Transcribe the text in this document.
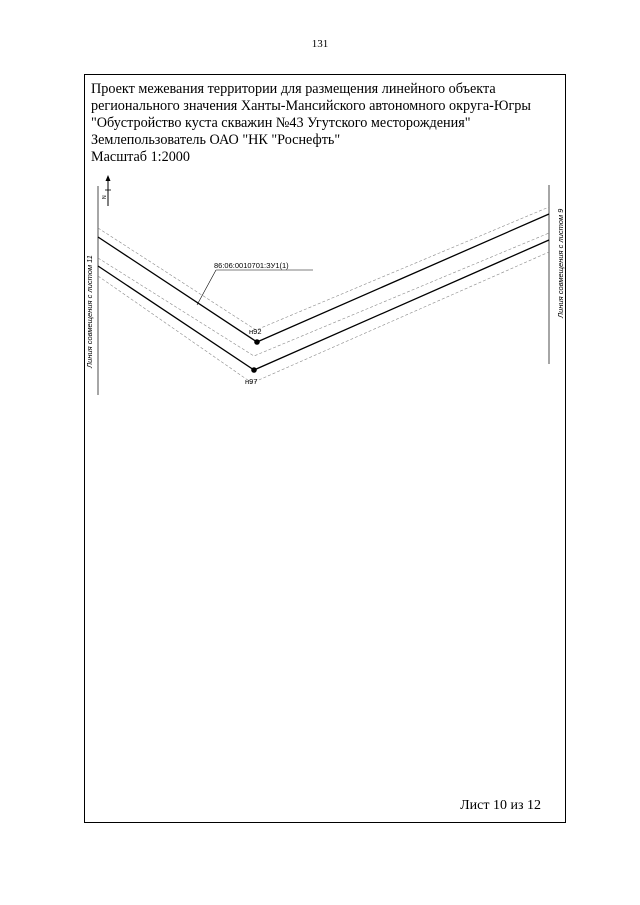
131
Проект межевания территории для размещения линейного объекта
регионального значения Ханты-Мансийского автономного округа-Югры
"Обустройство куста скважин №43 Угутского месторождения"
Землепользователь ОАО "НК "Роснефть"
Масштаб 1:2000
Лист 10 из 12
N
Линия совмещения с листом 11	Линия совмещения с листом 9
н92
н97
86:06:0010701:ЗУ1(1)
